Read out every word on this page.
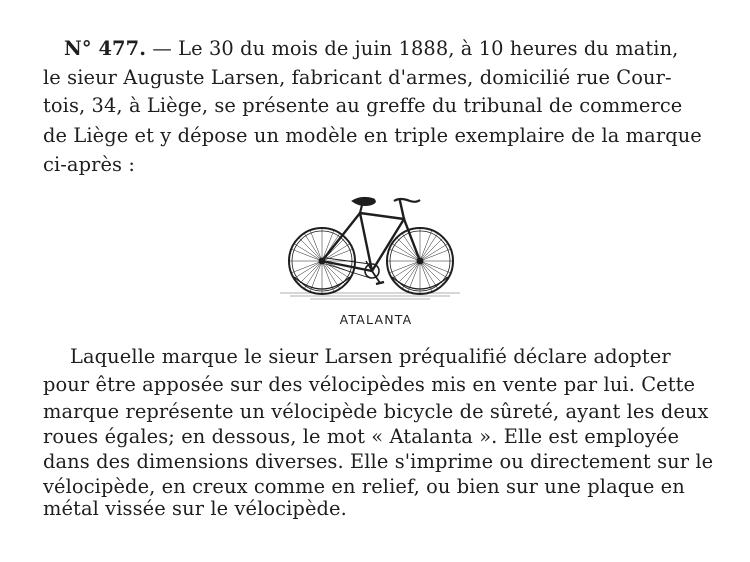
N° 477. — Le 30 du mois de juin 1888, à 10 heures du matin,
le sieur Auguste Larsen, fabricant d'armes, domicilié rue Cour-
tois, 34, à Liège, se présente au greffe du tribunal de commerce
de Liège et y dépose un modèle en triple exemplaire de la marque
ci-après :
ATALANTA
Laquelle marque le sieur Larsen préqualifié déclare adopter
pour être apposée sur des vélocipèdes mis en vente par lui. Cette
marque représente un vélocipède bicycle de sûreté, ayant les deux
roues égales; en dessous, le mot « Atalanta ». Elle est employée
dans des dimensions diverses. Elle s'imprime ou directement sur le
vélocipède, en creux comme en relief, ou bien sur une plaque en
métal vissée sur le vélocipède.
